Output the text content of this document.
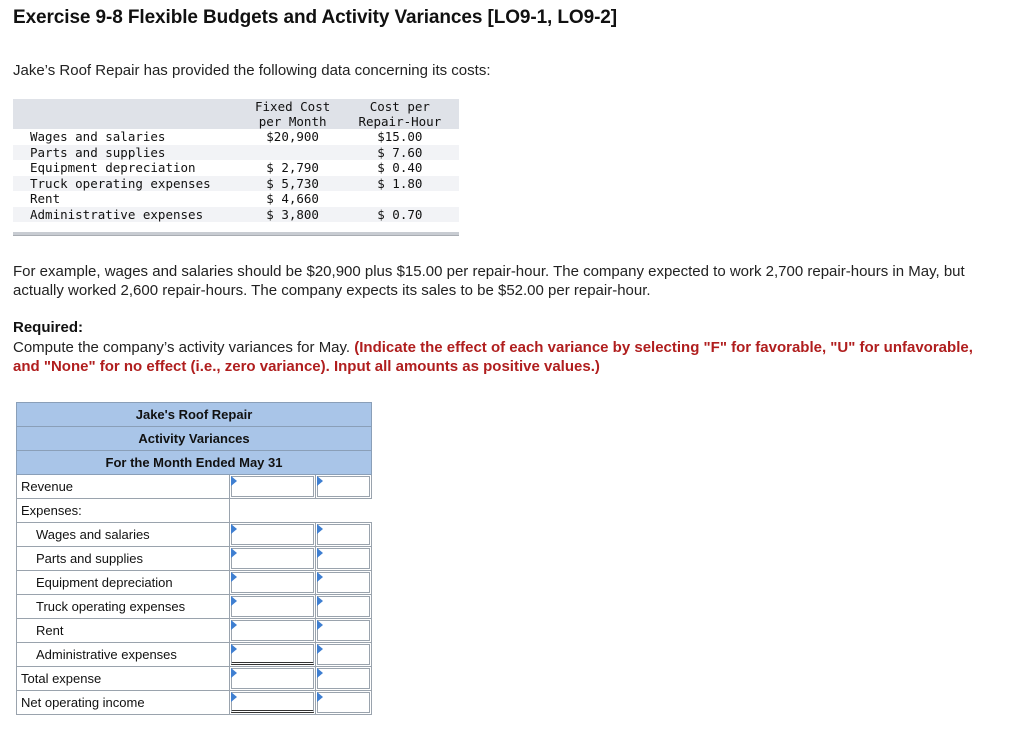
Exercise 9-8 Flexible Budgets and Activity Variances [LO9-1, LO9-2]
Jake’s Roof Repair has provided the following data concerning its costs:
	Fixed Cost	Cost per
	per Month	Repair-Hour
Wages and salaries	$20,900	$15.00
Parts and supplies		$ 7.60
Equipment depreciation	$ 2,790	$ 0.40
Truck operating expenses	$ 5,730	$ 1.80
Rent	$ 4,660	
Administrative expenses	$ 3,800	$ 0.70

For example, wages and salaries should be $20,900 plus $15.00 per repair-hour. The company expected to work 2,700 repair-hours in May, but actually worked 2,600 repair-hours. The company expects its sales to be $52.00 per repair-hour.

Required:

Compute the company’s activity variances for May. (Indicate the effect of each variance by selecting "F" for favorable, "U" for unfavorable, and "None" for no effect (i.e., zero variance). Input all amounts as positive values.)

Jake's Roof Repair		
Activity Variances		
For the Month Ended May 31		
Revenue	

Expenses:		
Wages and salaries	

Parts and supplies	

Equipment depreciation	

Truck operating expenses	

Rent	

Administrative expenses	

Total expense	

Net operating income	
